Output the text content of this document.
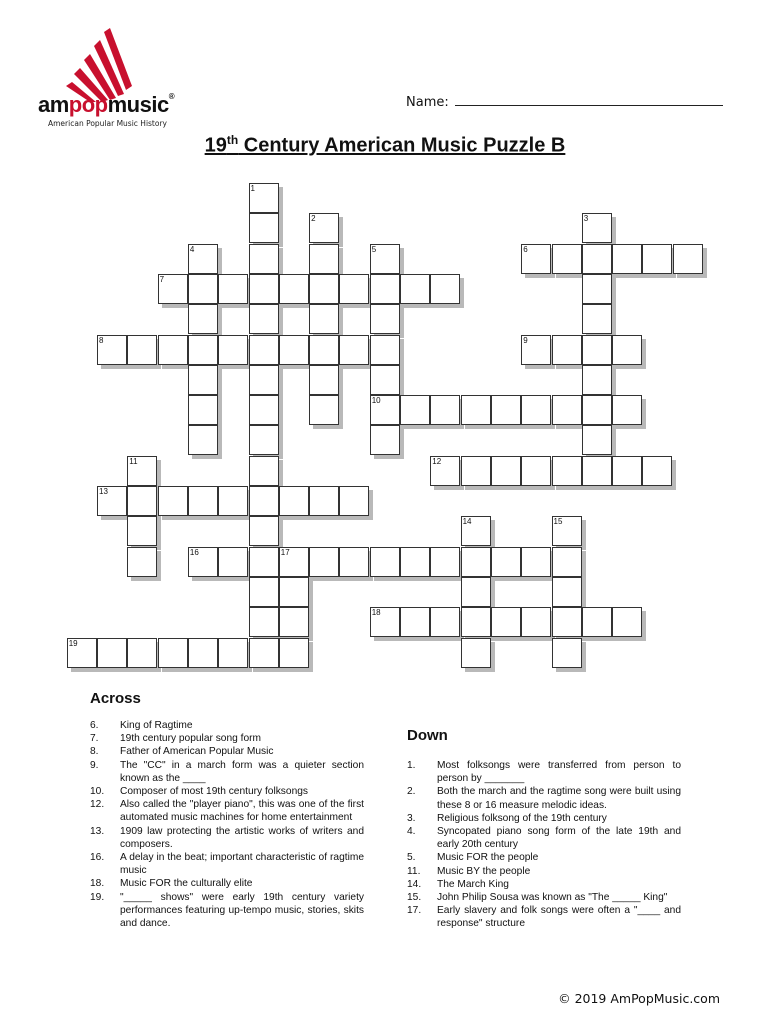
ampopmusic®
American Popular Music History
Name:
19th Century American Music Puzzle B
1
2	3
4	5	6
7
8	9
10
11	12
13
14	15
16	17
18
19
Across
6.	King of Ragtime
7.	19th century popular song form
8.	Father of American Popular Music
9.	The "CC" in a march form was a quieter section known as the ____
10.	Composer of most 19th century folksongs
12.	Also called the "player piano", this was one of the first automated music machines for home entertainment
13.	1909 law protecting the artistic works of writers and composers.
16.	A delay in the beat; important characteristic of ragtime music
18.	Music FOR the culturally elite
19.	"_____ shows" were early 19th century variety performances featuring up-tempo music, stories, skits and dance.
Down
1.	Most folksongs were transferred from person to person by _______
2.	Both the march and the ragtime song were built using these 8 or 16 measure melodic ideas.
3.	Religious folksong of the 19th century
4.	Syncopated piano song form of the late 19th and early 20th century
5.	Music FOR the people
11.	Music BY the people
14.	The March King
15.	John Philip Sousa was known as "The _____ King"
17.	Early slavery and folk songs were often a "____ and response" structure
© 2019 AmPopMusic.com
